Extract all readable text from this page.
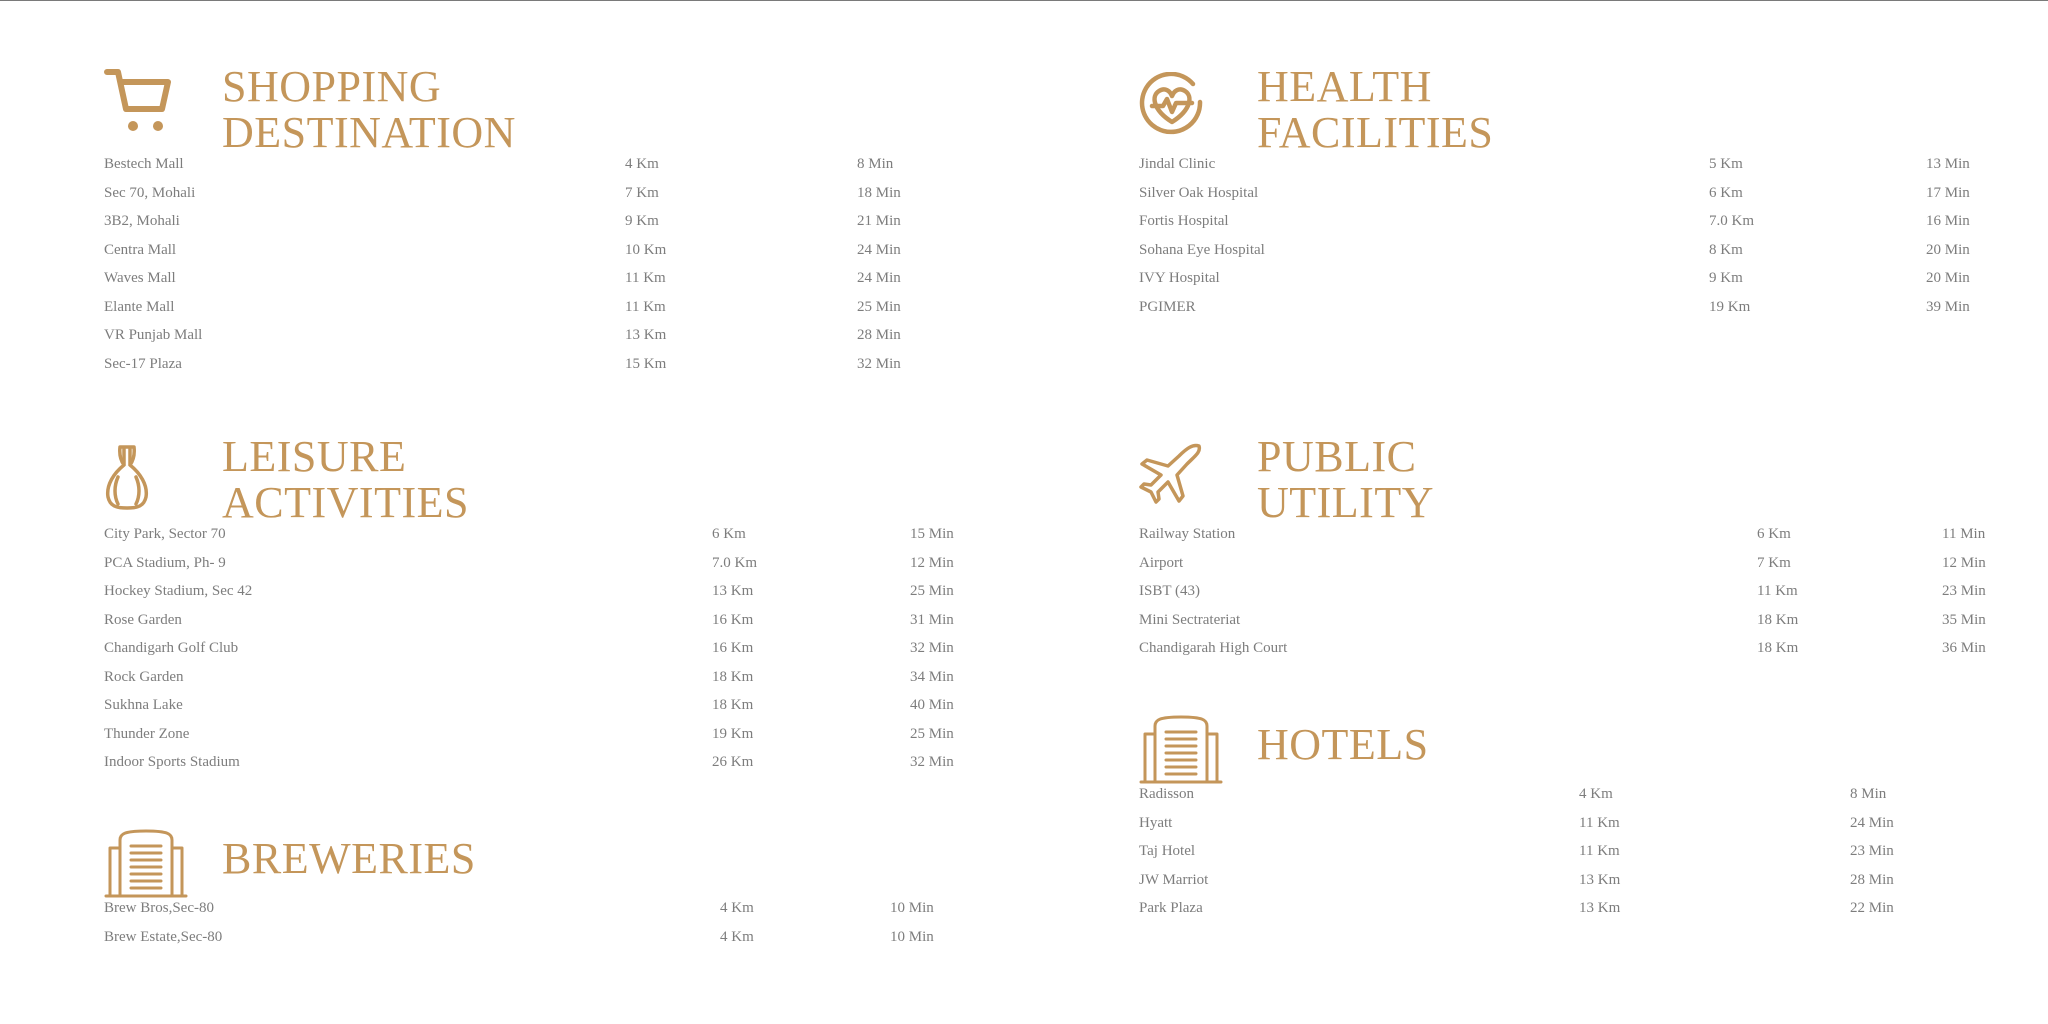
SHOPPING
DESTINATION
Bestech Mall	4 Km	8 Min
Sec 70, Mohali	7 Km	18 Min
3B2, Mohali	9 Km	21 Min
Centra Mall	10 Km	24 Min
Waves Mall	11 Km	24 Min
Elante Mall	11 Km	25 Min
VR Punjab Mall	13 Km	28 Min
Sec-17 Plaza	15 Km	32 Min
HEALTH
FACILITIES
Jindal Clinic	5 Km	13 Min
Silver Oak Hospital	6 Km	17 Min
Fortis Hospital	7.0 Km	16 Min
Sohana Eye Hospital	8 Km	20 Min
IVY Hospital	9 Km	20 Min
PGIMER	19 Km	39 Min
LEISURE
ACTIVITIES
City Park, Sector 70	6 Km	15 Min
PCA Stadium, Ph- 9	7.0 Km	12 Min
Hockey Stadium, Sec 42	13 Km	25 Min
Rose Garden	16 Km	31 Min
Chandigarh Golf Club	16 Km	32 Min
Rock Garden	18 Km	34 Min
Sukhna Lake	18 Km	40 Min
Thunder Zone	19 Km	25 Min
Indoor Sports Stadium	26 Km	32 Min
PUBLIC
UTILITY
Railway Station	6 Km	11 Min
Airport	7 Km	12 Min
ISBT (43)	11 Km	23 Min
Mini Sectrateriat	18 Km	35 Min
Chandigarah High Court	18 Km	36 Min
HOTELS
Radisson	4 Km	8 Min
Hyatt	11 Km	24 Min
Taj Hotel	11 Km	23 Min
JW Marriot	13 Km	28 Min
Park Plaza	13 Km	22 Min
BREWERIES
Brew Bros,Sec-80	4 Km	10 Min
Brew Estate,Sec-80	4 Km	10 Min
